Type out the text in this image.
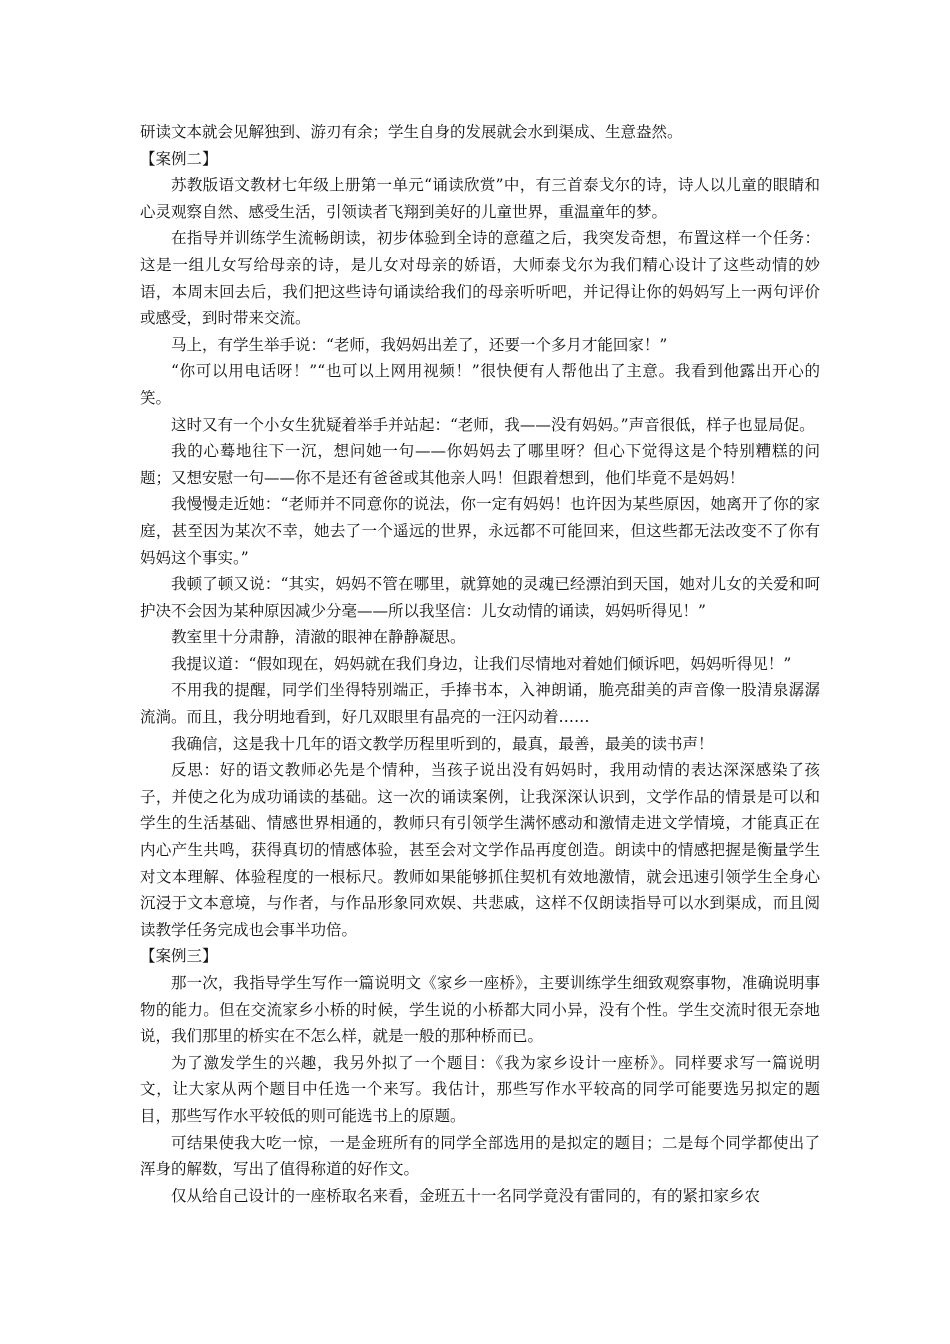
研读文本就会见解独到、游刃有余；学生自身的发展就会水到渠成、生意盎然。

【案例二】

苏教版语文教材七年级上册第一单元“诵读欣赏”中，有三首泰戈尔的诗，诗人以儿童的眼睛和心灵观察自然、感受生活，引领读者飞翔到美好的儿童世界，重温童年的梦。

在指导并训练学生流畅朗读，初步体验到全诗的意蕴之后，我突发奇想，布置这样一个任务：这是一组儿女写给母亲的诗，是儿女对母亲的娇语，大师泰戈尔为我们精心设计了这些动情的妙语，本周末回去后，我们把这些诗句诵读给我们的母亲听听吧，并记得让你的妈妈写上一两句评价或感受，到时带来交流。

马上，有学生举手说：“老师，我妈妈出差了，还要一个多月才能回家！”

“你可以用电话呀！”“也可以上网用视频！”很快便有人帮他出了主意。我看到他露出开心的笑。

这时又有一个小女生犹疑着举手并站起：“老师，我——没有妈妈。”声音很低，样子也显局促。

我的心蓦地往下一沉，想问她一句——你妈妈去了哪里呀？但心下觉得这是个特别糟糕的问题；又想安慰一句——你不是还有爸爸或其他亲人吗！但跟着想到，他们毕竟不是妈妈！

我慢慢走近她：“老师并不同意你的说法，你一定有妈妈！也许因为某些原因，她离开了你的家庭，甚至因为某次不幸，她去了一个遥远的世界，永远都不可能回来，但这些都无法改变不了你有妈妈这个事实。”

我顿了顿又说：“其实，妈妈不管在哪里，就算她的灵魂已经漂泊到天国，她对儿女的关爱和呵护决不会因为某种原因减少分毫——所以我坚信：儿女动情的诵读，妈妈听得见！”

教室里十分肃静，清澈的眼神在静静凝思。

我提议道：“假如现在，妈妈就在我们身边，让我们尽情地对着她们倾诉吧，妈妈听得见！”

不用我的提醒，同学们坐得特别端正，手捧书本，入神朗诵，脆亮甜美的声音像一股清泉潺潺流淌。而且，我分明地看到，好几双眼里有晶亮的一汪闪动着……

我确信，这是我十几年的语文教学历程里听到的，最真，最善，最美的读书声！

反思：好的语文教师必先是个情种，当孩子说出没有妈妈时，我用动情的表达深深感染了孩子，并使之化为成功诵读的基础。这一次的诵读案例，让我深深认识到，文学作品的情景是可以和学生的生活基础、情感世界相通的，教师只有引领学生满怀感动和激情走进文学情境，才能真正在内心产生共鸣，获得真切的情感体验，甚至会对文学作品再度创造。朗读中的情感把握是衡量学生对文本理解、体验程度的一根标尺。教师如果能够抓住契机有效地激情，就会迅速引领学生全身心沉浸于文本意境，与作者，与作品形象同欢娱、共悲戚，这样不仅朗读指导可以水到渠成，而且阅读教学任务完成也会事半功倍。

【案例三】

那一次，我指导学生写作一篇说明文《家乡一座桥》，主要训练学生细致观察事物，准确说明事物的能力。但在交流家乡小桥的时候，学生说的小桥都大同小异，没有个性。学生交流时很无奈地说，我们那里的桥实在不怎么样，就是一般的那种桥而已。

为了激发学生的兴趣，我另外拟了一个题目：《我为家乡设计一座桥》。同样要求写一篇说明文，让大家从两个题目中任选一个来写。我估计，那些写作水平较高的同学可能要选另拟定的题目，那些写作水平较低的则可能选书上的原题。

可结果使我大吃一惊，一是金班所有的同学全部选用的是拟定的题目；二是每个同学都使出了浑身的解数，写出了值得称道的好作文。

仅从给自己设计的一座桥取名来看，金班五十一名同学竟没有雷同的，有的紧扣家乡农
